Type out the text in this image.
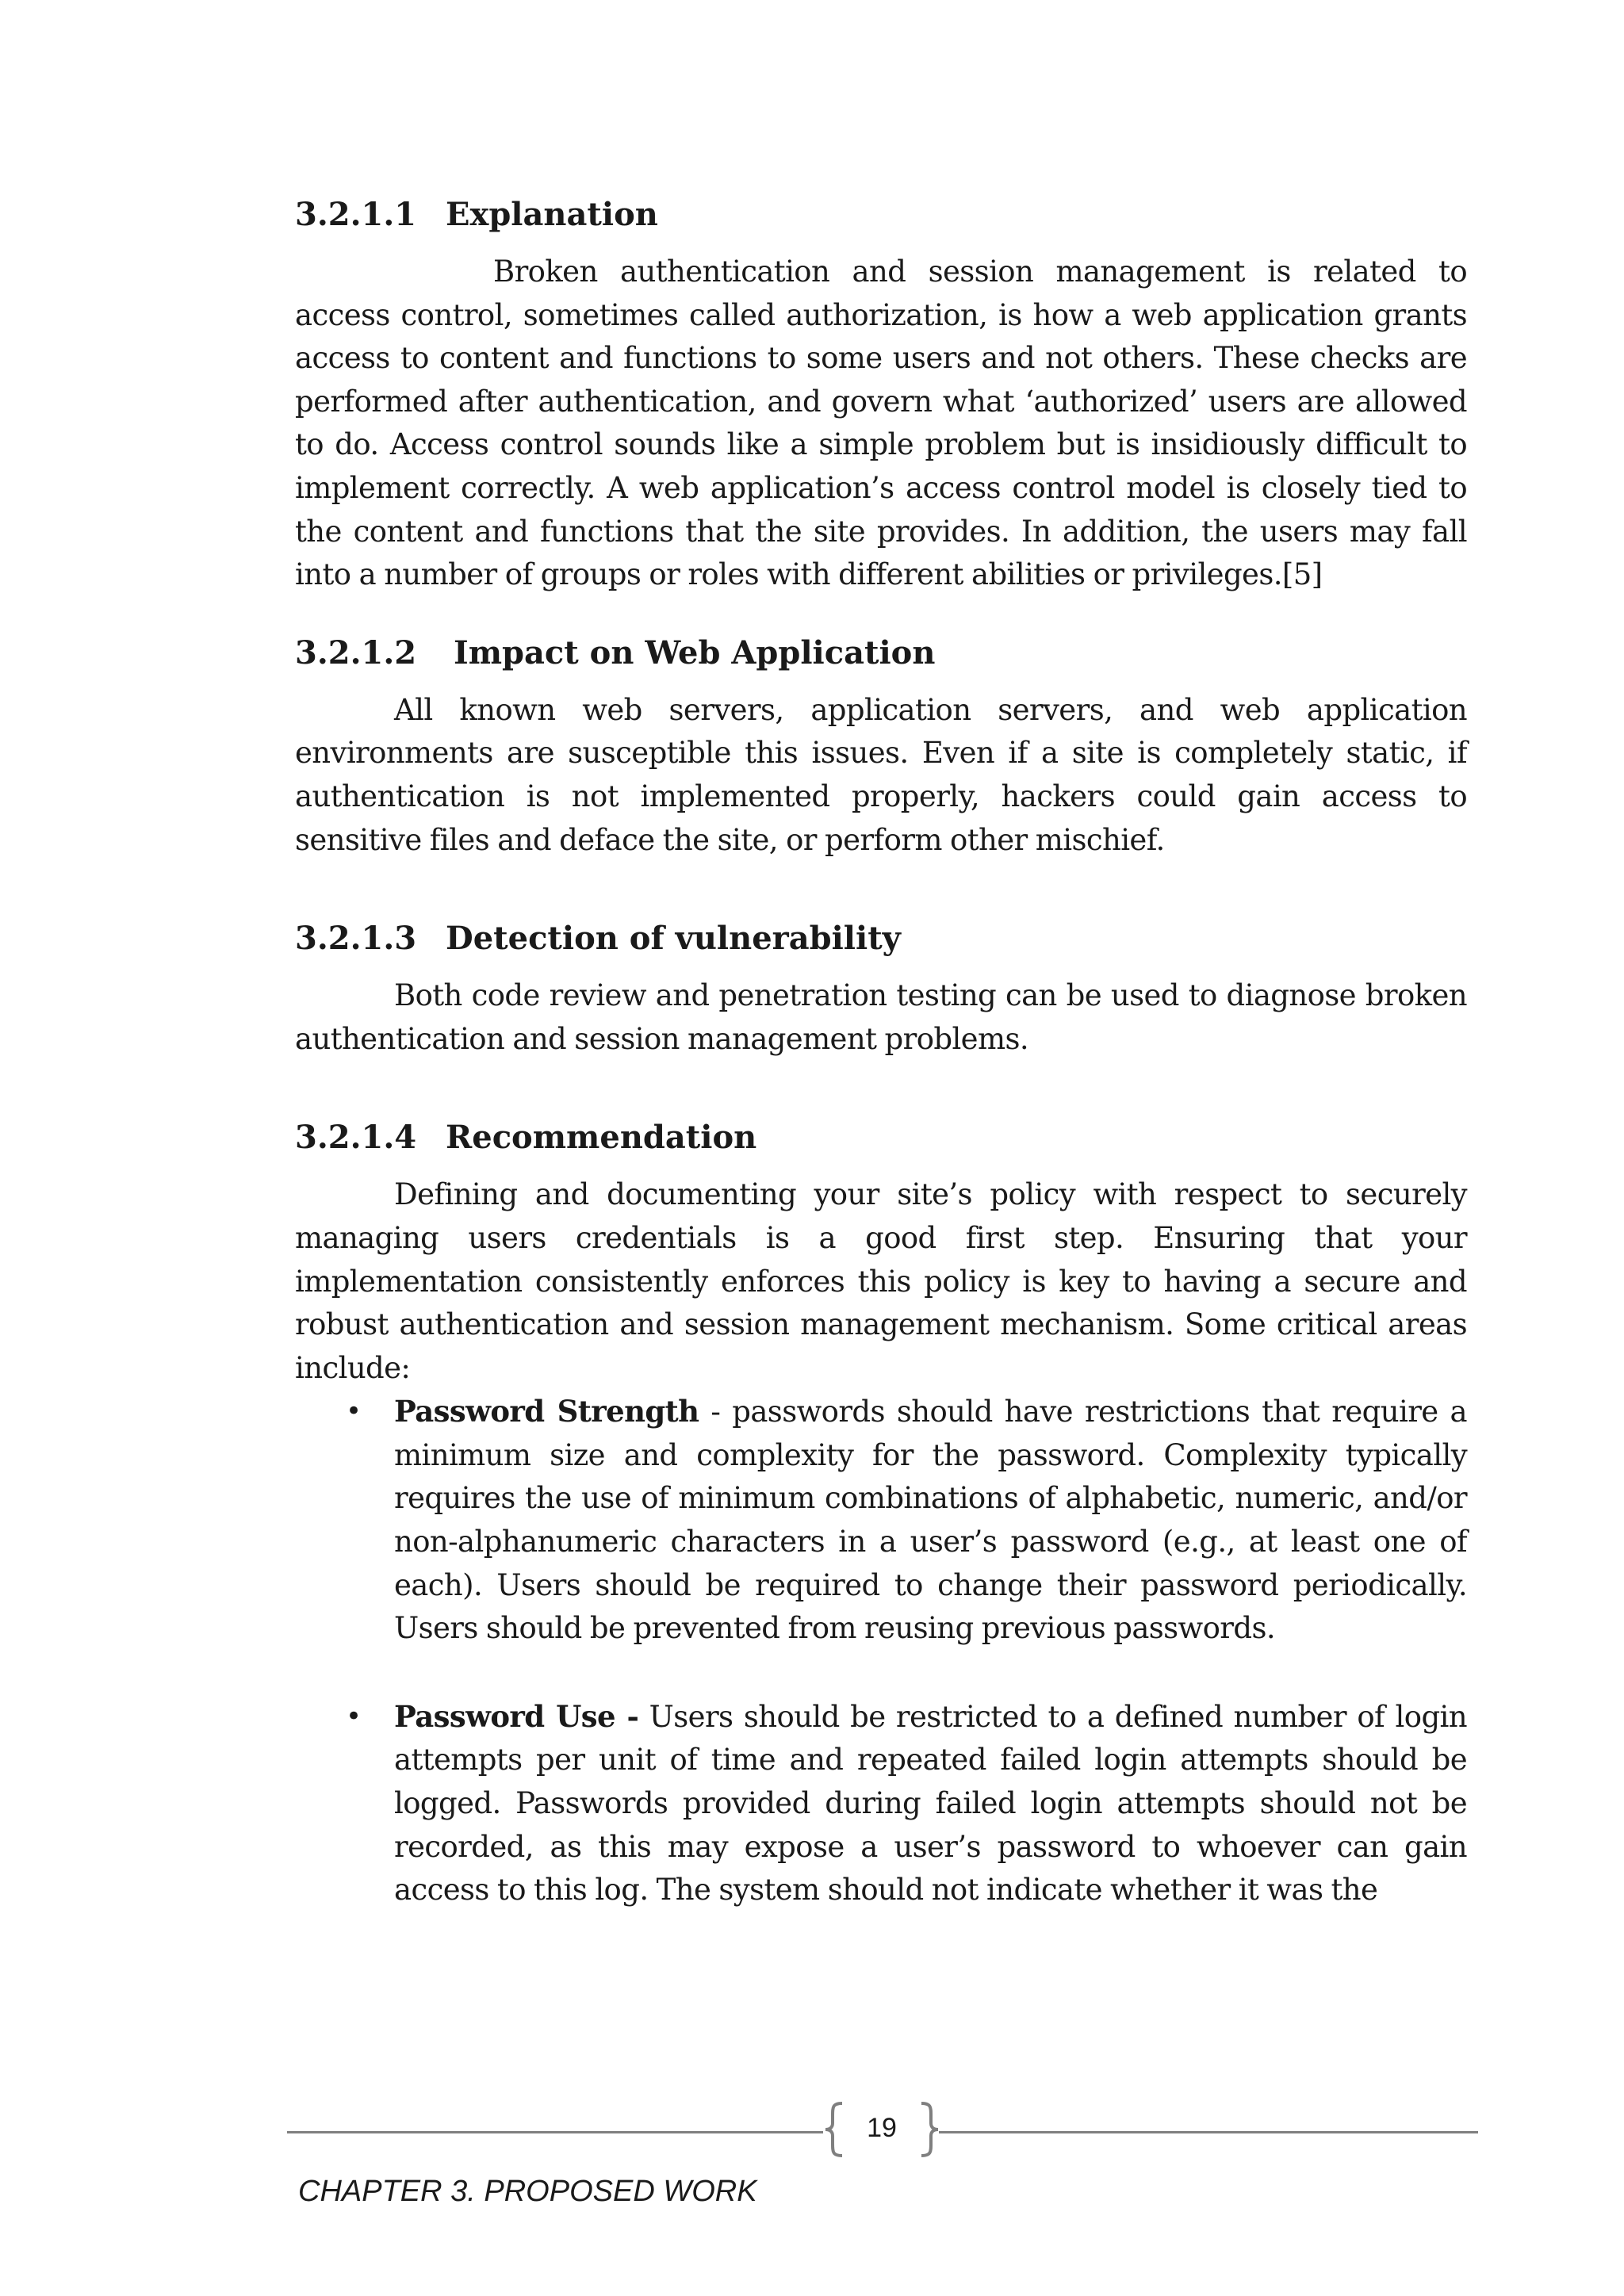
3.2.1.1 Explanation

Broken authentication and session management is related to access control, sometimes called authorization, is how a web application grants access to content and functions to some users and not others. These checks are performed after authentication, and govern what ‘authorized’ users are allowed to do. Access control sounds like a simple problem but is insidiously difficult to implement correctly. A web application’s access control model is closely tied to the content and functions that the site provides. In addition, the users may fall into a number of groups or roles with different abilities or privileges.[5]

3.2.1.2 Impact on Web Application

All known web servers, application servers, and web application environments are susceptible this issues. Even if a site is completely static, if authentication is not implemented properly, hackers could gain access to sensitive files and deface the site, or perform other mischief.

3.2.1.3 Detection of vulnerability

Both code review and penetration testing can be used to diagnose broken authentication and session management problems.

3.2.1.4 Recommendation

Defining and documenting your site’s policy with respect to securely managing users credentials is a good first step. Ensuring that your implementation consistently enforces this policy is key to having a secure and robust authentication and session management mechanism. Some critical areas include:

• Password Strength - passwords should have restrictions that require a minimum size and complexity for the password. Complexity typically requires the use of minimum combinations of alphabetic, numeric, and/or non-alphanumeric characters in a user’s password (e.g., at least one of each). Users should be required to change their password periodically. Users should be prevented from reusing previous passwords.
• Password Use - Users should be restricted to a defined number of login attempts per unit of time and repeated failed login attempts should be logged. Passwords provided during failed login attempts should not be recorded, as this may expose a user’s password to whoever can gain access to this log. The system should not indicate whether it was the
19
CHAPTER 3. PROPOSED WORK
